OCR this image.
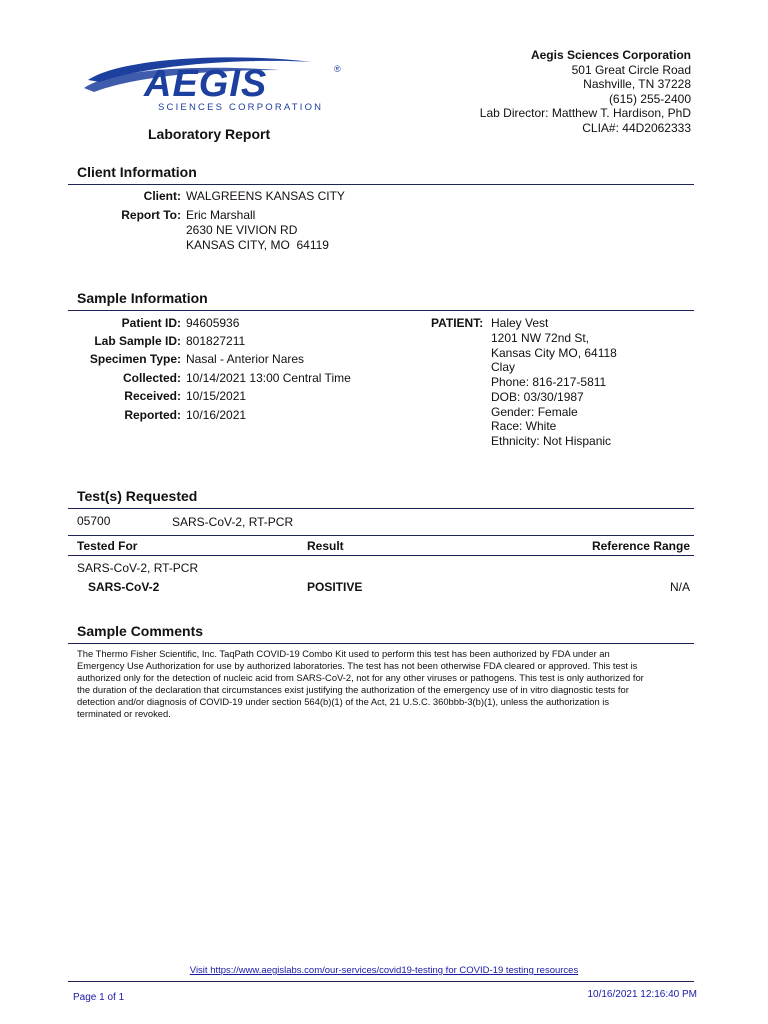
AEGIS	®
SCIENCES CORPORATION
Laboratory Report
Aegis Sciences Corporation
501 Great Circle Road
Nashville, TN 37228
(615) 255-2400
Lab Director: Matthew T. Hardison, PhD
CLIA#: 44D2062333
Client Information
Client: WALGREENS KANSAS CITY
Report To: Eric Marshall
2630 NE VIVION RD
KANSAS CITY, MO  64119
Sample Information
Patient ID: 94605936
Lab Sample ID: 801827211
Specimen Type: Nasal - Anterior Nares
Collected: 10/14/2021 13:00 Central Time
Received: 10/15/2021
Reported: 10/16/2021
PATIENT: Haley Vest
1201 NW 72nd St,
Kansas City MO, 64118
Clay
Phone: 816-217-5811
DOB: 03/30/1987
Gender: Female
Race: White
Ethnicity: Not Hispanic
Test(s) Requested
05700	SARS-CoV-2, RT-PCR
Tested For	Result	Reference Range
SARS-CoV-2, RT-PCR
SARS-CoV-2	POSITIVE	N/A
Sample Comments
The Thermo Fisher Scientific, Inc. TaqPath COVID-19 Combo Kit used to perform this test has been authorized by FDA under an Emergency Use Authorization for use by authorized laboratories. The test has not been otherwise FDA cleared or approved. This test is authorized only for the detection of nucleic acid from SARS-CoV-2, not for any other viruses or pathogens. This test is only authorized for the duration of the declaration that circumstances exist justifying the authorization of the emergency use of in vitro diagnostic tests for detection and/or diagnosis of COVID-19 under section 564(b)(1) of the Act, 21 U.S.C. 360bbb-3(b)(1), unless the authorization is terminated or revoked.
Visit https://www.aegislabs.com/our-services/covid19-testing for COVID-19 testing resources
Page 1 of 1	10/16/2021 12:16:40 PM
